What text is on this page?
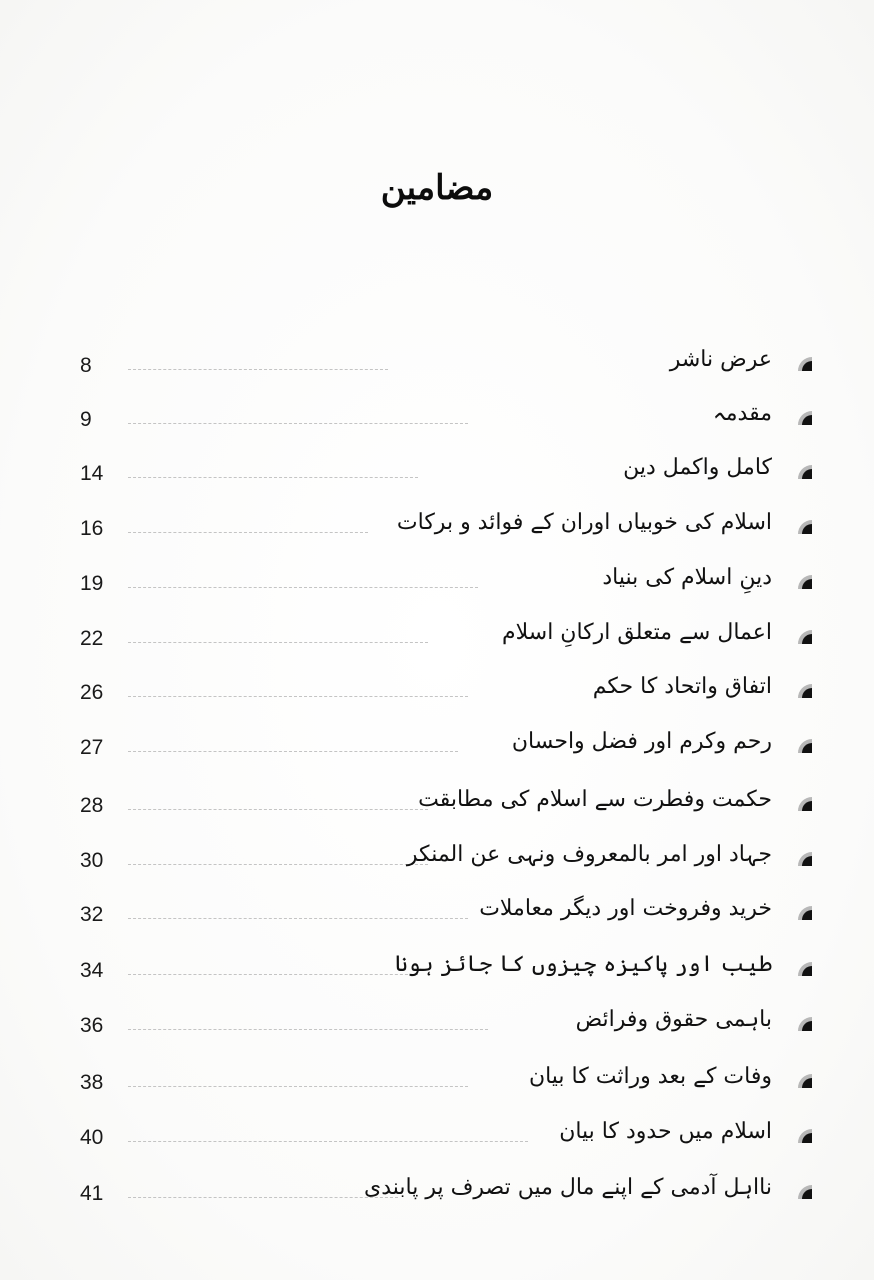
مضامین
8	عرض ناشر
9	مقدمہ
14	کامل واکمل دین
16	اسلام کی خوبیاں اوران کے فوائد و برکات
19	دینِ اسلام کی بنیاد
22	اعمال سے متعلق ارکانِ اسلام
26	اتفاق واتحاد کا حکم
27	رحم وکرم اور فضل واحسان
28	حکمت وفطرت سے اسلام کی مطابقت
30	جہاد اور امر بالمعروف ونہی عن المنکر
32	خرید وفروخت اور دیگر معاملات
34	طیب اور پاکیزہ چیزوں کا جائز ہونا
36	باہمی حقوق وفرائض
38	وفات کے بعد وراثت کا بیان
40	اسلام میں حدود کا بیان
41	نااہل آدمی کے اپنے مال میں تصرف پر پابندی
